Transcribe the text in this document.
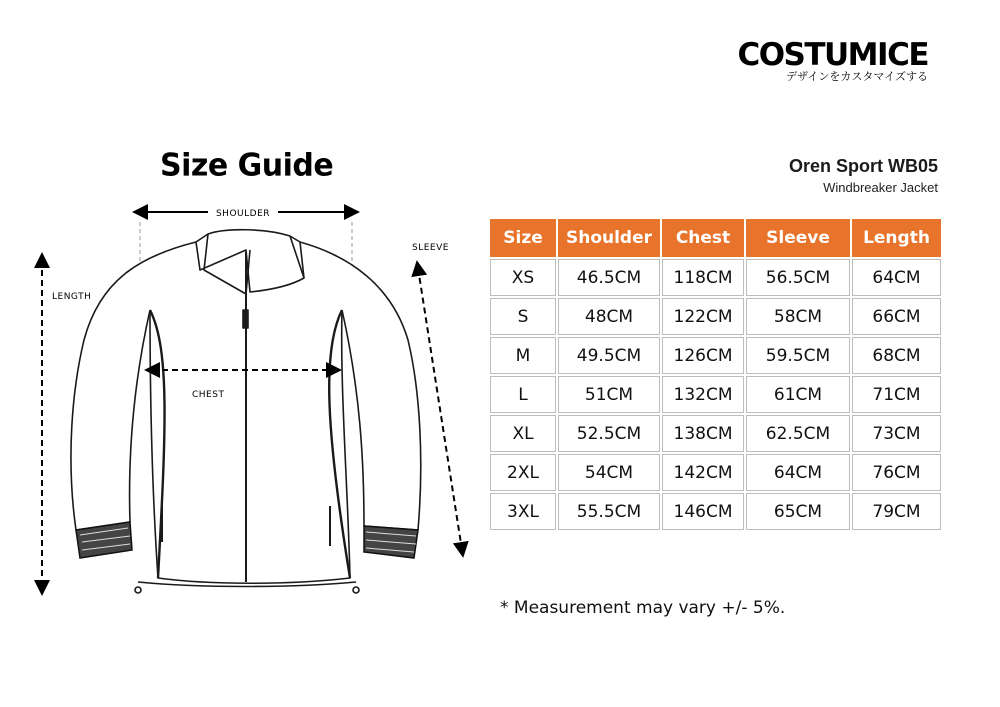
COSTUMICE
デザインをカスタマイズする
Size Guide	Oren Sport WB05
Windbreaker Jacket
SHOULDER
LENGTH
SLEEVE
CHEST
Size	Shoulder	Chest	Sleeve	Length
XS	46.5CM	118CM	56.5CM	64CM
S	48CM	122CM	58CM	66CM
M	49.5CM	126CM	59.5CM	68CM
L	51CM	132CM	61CM	71CM
XL	52.5CM	138CM	62.5CM	73CM
2XL	54CM	142CM	64CM	76CM
3XL	55.5CM	146CM	65CM	79CM
* Measurement may vary +/- 5%.
